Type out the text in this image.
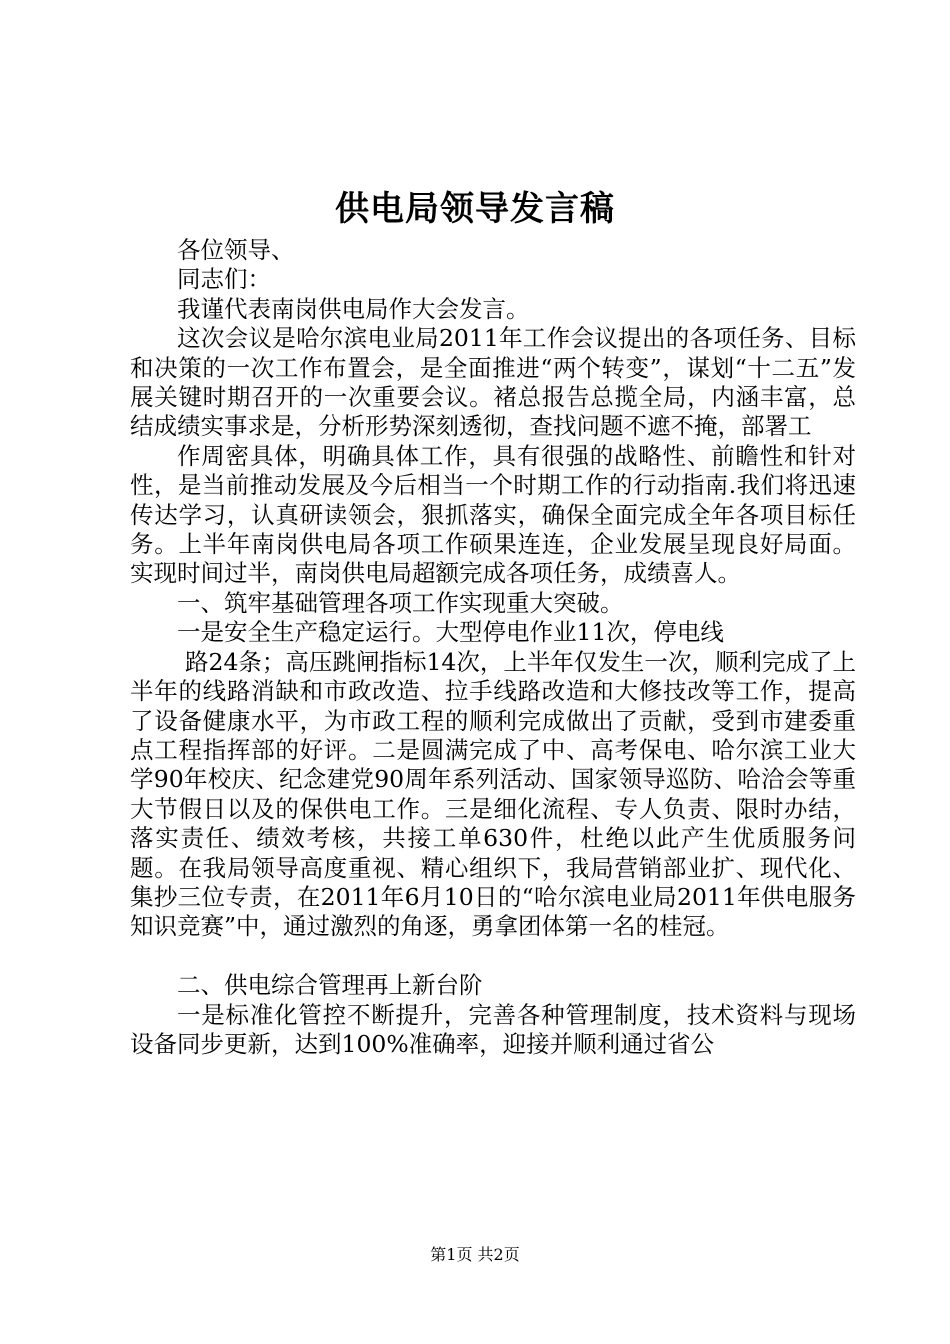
供电局领导发言稿

各位领导、

同志们：

我谨代表南岗供电局作大会发言。

这次会议是哈尔滨电业局2011年工作会议提出的各项任务、目标和决策的一次工作布置会，是全面推进“两个转变”，谋划“十二五”发展关键时期召开的一次重要会议。褚总报告总揽全局，内涵丰富，总结成绩实事求是，分析形势深刻透彻，查找问题不遮不掩，部署工

作周密具体，明确具体工作，具有很强的战略性、前瞻性和针对性，是当前推动发展及今后相当一个时期工作的行动指南.我们将迅速传达学习，认真研读领会，狠抓落实，确保全面完成全年各项目标任务。上半年南岗供电局各项工作硕果连连，企业发展呈现良好局面。实现时间过半，南岗供电局超额完成各项任务，成绩喜人。

一、筑牢基础管理各项工作实现重大突破。

一是安全生产稳定运行。大型停电作业11次，停电线

路24条；高压跳闸指标14次，上半年仅发生一次，顺利完成了上半年的线路消缺和市政改造、拉手线路改造和大修技改等工作，提高了设备健康水平，为市政工程的顺利完成做出了贡献，受到市建委重点工程指挥部的好评。二是圆满完成了中、高考保电、哈尔滨工业大学90年校庆、纪念建党90周年系列活动、国家领导巡防、哈洽会等重大节假日以及的保供电工作。三是细化流程、专人负责、限时办结，落实责任、绩效考核，共接工单630件，杜绝以此产生优质服务问题。在我局领导高度重视、精心组织下，我局营销部业扩、现代化、集抄三位专责，在2011年6月10日的“哈尔滨电业局2011年供电服务知识竞赛”中，通过激烈的角逐，勇拿团体第一名的桂冠。

二、供电综合管理再上新台阶

一是标准化管控不断提升，完善各种管理制度，技术资料与现场设备同步更新，达到100%准确率，迎接并顺利通过省公

第1页 共2页
